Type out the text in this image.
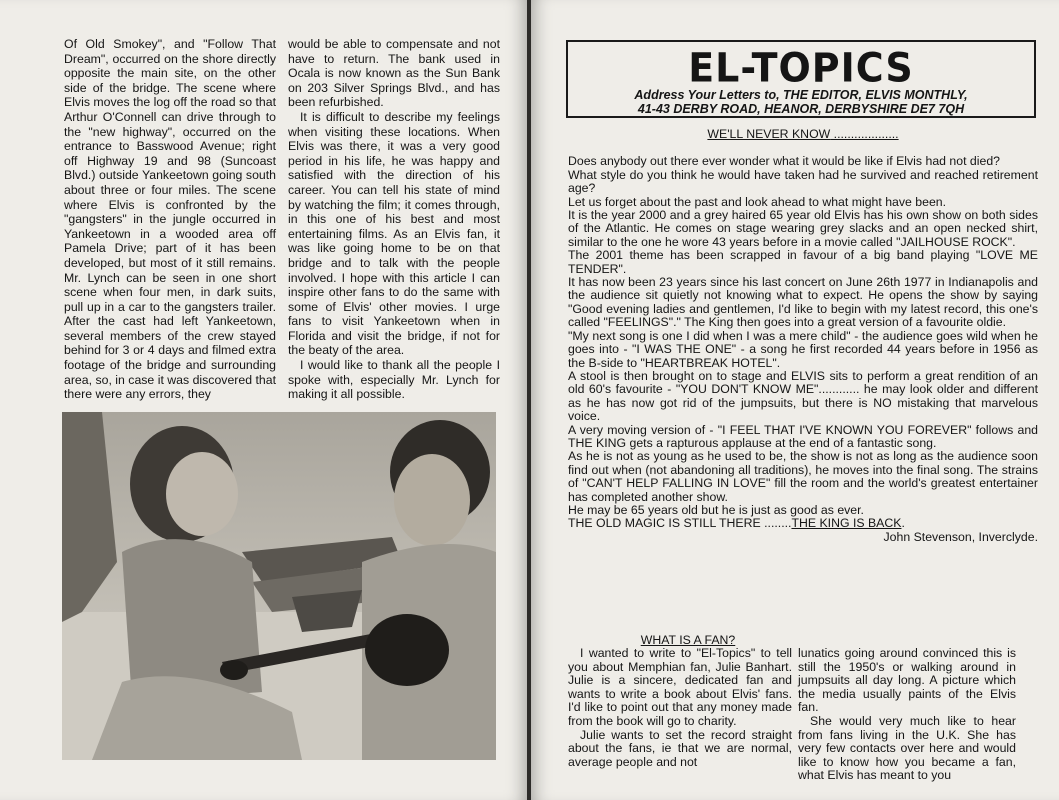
Of Old Smokey", and "Follow That Dream", occurred on the shore directly opposite the main site, on the other side of the bridge. The scene where Elvis moves the log off the road so that Arthur O'Connell can drive through to the "new highway", occurred on the entrance to Basswood Avenue; right off Highway 19 and 98 (Suncoast Blvd.) outside Yankeetown going south about three or four miles. The scene where Elvis is confronted by the "gangsters" in the jungle occurred in Yankeetown in a wooded area off Pamela Drive; part of it has been developed, but most of it still remains. Mr. Lynch can be seen in one short scene when four men, in dark suits, pull up in a car to the gangsters trailer. After the cast had left Yankeetown, several members of the crew stayed behind for 3 or 4 days and filmed extra footage of the bridge and surrounding area, so, in case it was discovered that there were any errors, they

would be able to compensate and not have to return. The bank used in Ocala is now known as the Sun Bank on 203 Silver Springs Blvd., and has been refurbished.

It is difficult to describe my feelings when visiting these locations. When Elvis was there, it was a very good period in his life, he was happy and satisfied with the direction of his career. You can tell his state of mind by watching the film; it comes through, in this one of his best and most entertaining films. As an Elvis fan, it was like going home to be on that bridge and to talk with the people involved. I hope with this article I can inspire other fans to do the same with some of Elvis' other movies. I urge fans to visit Yankeetown when in Florida and visit the bridge, if not for the beaty of the area.

I would like to thank all the people I spoke with, especially Mr. Lynch for making it all possible.

EL-TOPICS
Address Your Letters to, THE EDITOR, ELVIS MONTHLY,
41-43 DERBY ROAD, HEANOR, DERBYSHIRE DE7 7QH

WE'LL NEVER KNOW ...................

Does anybody out there ever wonder what it would be like if Elvis had not died?

What style do you think he would have taken had he survived and reached retirement age?

Let us forget about the past and look ahead to what might have been.

It is the year 2000 and a grey haired 65 year old Elvis has his own show on both sides of the Atlantic. He comes on stage wearing grey slacks and an open necked shirt, similar to the one he wore 43 years before in a movie called "JAILHOUSE ROCK".

The 2001 theme has been scrapped in favour of a big band playing "LOVE ME TENDER".

It has now been 23 years since his last concert on June 26th 1977 in Indianapolis and the audience sit quietly not knowing what to expect. He opens the show by saying "Good evening ladies and gentlemen, I'd like to begin with my latest record, this one's called "FEELINGS"." The King then goes into a great version of a favourite oldie.

"My next song is one I did when I was a mere child" - the audience goes wild when he goes into - "I WAS THE ONE" - a song he first recorded 44 years before in 1956 as the B-side to "HEARTBREAK HOTEL".

A stool is then brought on to stage and ELVIS sits to perform a great rendition of an old 60's favourite - "YOU DON'T KNOW ME"............ he may look older and different as he has now got rid of the jumpsuits, but there is NO mistaking that marvelous voice.

A very moving version of - "I FEEL THAT I'VE KNOWN YOU FOREVER" follows and THE KING gets a rapturous applause at the end of a fantastic song.

As he is not as young as he used to be, the show is not as long as the audience soon find out when (not abandoning all traditions), he moves into the final song. The strains of "CAN'T HELP FALLING IN LOVE" fill the room and the world's greatest entertainer has completed another show.

He may be 65 years old but he is just as good as ever.

THE OLD MAGIC IS STILL THERE ........THE KING IS BACK.

John Stevenson, Inverclyde.

WHAT IS A FAN?

I wanted to write to "El-Topics" to tell you about Memphian fan, Julie Banhart. Julie is a sincere, dedicated fan and wants to write a book about Elvis' fans. I'd like to point out that any money made from the book will go to charity.

Julie wants to set the record straight about the fans, ie that we are normal, average people and not

lunatics going around convinced this is still the 1950's or walking around in jumpsuits all day long. A picture which the media usually paints of the Elvis fan.

She would very much like to hear from fans living in the U.K. She has very few contacts over here and would like to know how you became a fan, what Elvis has meant to you
